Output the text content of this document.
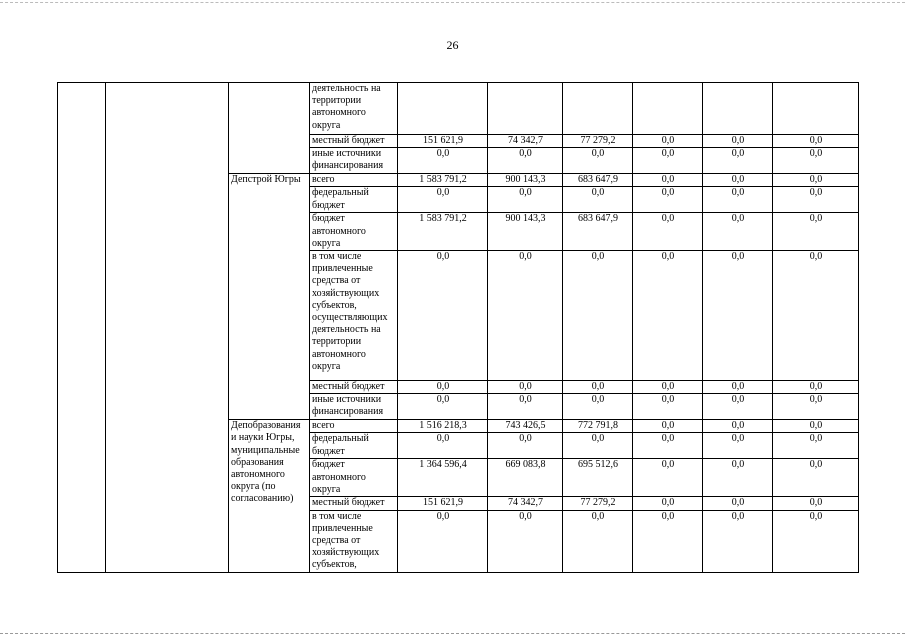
26
			деятельность на территории автономного округа						
			местный бюджет	151 621,9	74 342,7	77 279,2	0,0	0,0	0,0
			иные источники финансирования	0,0	0,0	0,0	0,0	0,0	0,0
		Депстрой Югры	всего	1 583 791,2	900 143,3	683 647,9	0,0	0,0	0,0
			федеральный бюджет	0,0	0,0	0,0	0,0	0,0	0,0
			бюджет автономного округа	1 583 791,2	900 143,3	683 647,9	0,0	0,0	0,0
			в том числе привлеченные средства от хозяйствующих субъектов, осуществляющих деятельность на территории автономного округа	0,0	0,0	0,0	0,0	0,0	0,0
			местный бюджет	0,0	0,0	0,0	0,0	0,0	0,0
			иные источники финансирования	0,0	0,0	0,0	0,0	0,0	0,0
		Депобразования и науки Югры, муниципальные образования автономного округа (по согласованию)	всего	1 516 218,3	743 426,5	772 791,8	0,0	0,0	0,0
			федеральный бюджет	0,0	0,0	0,0	0,0	0,0	0,0
			бюджет автономного округа	1 364 596,4	669 083,8	695 512,6	0,0	0,0	0,0
			местный бюджет	151 621,9	74 342,7	77 279,2	0,0	0,0	0,0
			в том числе привлеченные средства от хозяйствующих субъектов,	0,0	0,0	0,0	0,0	0,0	0,0
